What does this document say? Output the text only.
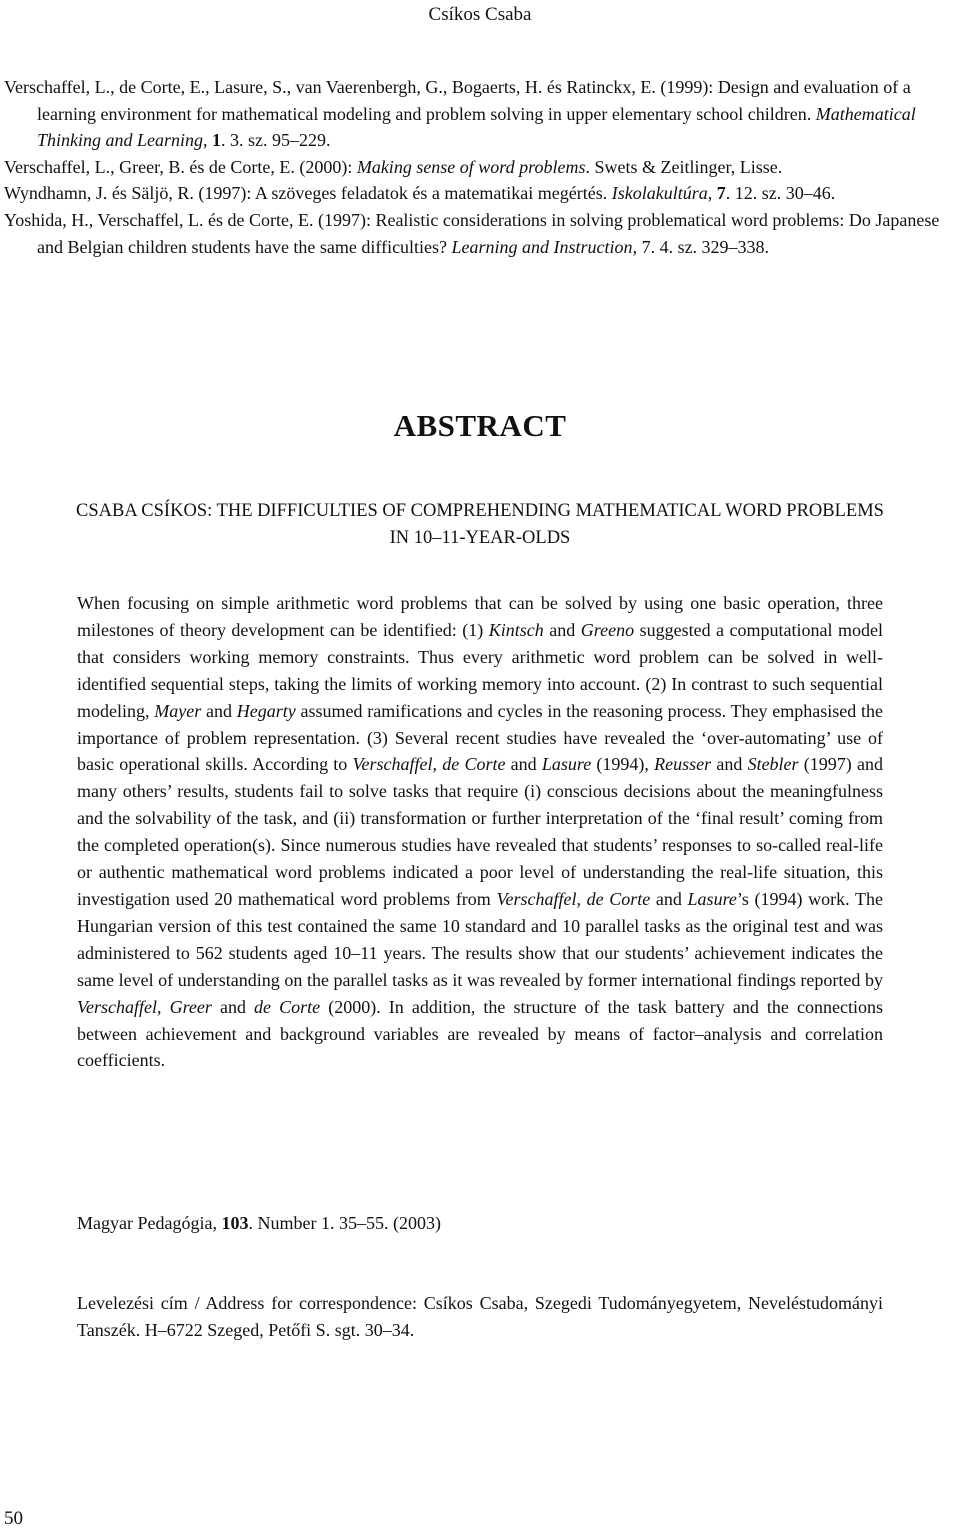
Csíkos Csaba
Verschaffel, L., de Corte, E., Lasure, S., van Vaerenbergh, G., Bogaerts, H. és Ratinckx, E. (1999): Design and evaluation of a learning environment for mathematical modeling and problem solving in upper elementary school children. Mathematical Thinking and Learning, 1. 3. sz. 95–229.
Verschaffel, L., Greer, B. és de Corte, E. (2000): Making sense of word problems. Swets & Zeitlinger, Lisse.
Wyndhamn, J. és Säljö, R. (1997): A szöveges feladatok és a matematikai megértés. Iskolakultúra, 7. 12. sz. 30–46.
Yoshida, H., Verschaffel, L. és de Corte, E. (1997): Realistic considerations in solving problematical word problems: Do Japanese and Belgian children students have the same difficulties? Learning and Instruction, 7. 4. sz. 329–338.
ABSTRACT
CSABA CSÍKOS: THE DIFFICULTIES OF COMPREHENDING MATHEMATICAL WORD PROBLEMS
IN 10–11-YEAR-OLDS

When focusing on simple arithmetic word problems that can be solved by using one basic operation, three milestones of theory development can be identified: (1) Kintsch and Greeno suggested a computational model that considers working memory constraints. Thus every arithmetic word problem can be solved in well-identified sequential steps, taking the limits of working memory into account. (2) In contrast to such sequential modeling, Mayer and Hegarty assumed ramifications and cycles in the reasoning process. They emphasised the importance of problem representation. (3) Several recent studies have revealed the ‘over-automating’ use of basic operational skills. According to Verschaffel, de Corte and Lasure (1994), Reusser and Stebler (1997) and many others’ results, students fail to solve tasks that require (i) conscious decisions about the meaningfulness and the solvability of the task, and (ii) transformation or further interpretation of the ‘final result’ coming from the completed operation(s). Since numerous studies have revealed that students’ responses to so-called real-life or authentic mathematical word problems indicated a poor level of understanding the real-life situation, this investigation used 20 mathematical word problems from Verschaffel, de Corte and Lasure’s (1994) work. The Hungarian version of this test contained the same 10 standard and 10 parallel tasks as the original test and was administered to 562 students aged 10–11 years. The results show that our students’ achievement indicates the same level of understanding on the parallel tasks as it was revealed by former international findings reported by Verschaffel, Greer and de Corte (2000). In addition, the structure of the task battery and the connections between achievement and background variables are revealed by means of factor–analysis and correlation coefficients.

Magyar Pedagógia, 103. Number 1. 35–55. (2003)

Levelezési cím / Address for correspondence: Csíkos Csaba, Szegedi Tudományegyetem, Neveléstudományi Tanszék. H–6722 Szeged, Petőfi S. sgt. 30–34.

50
